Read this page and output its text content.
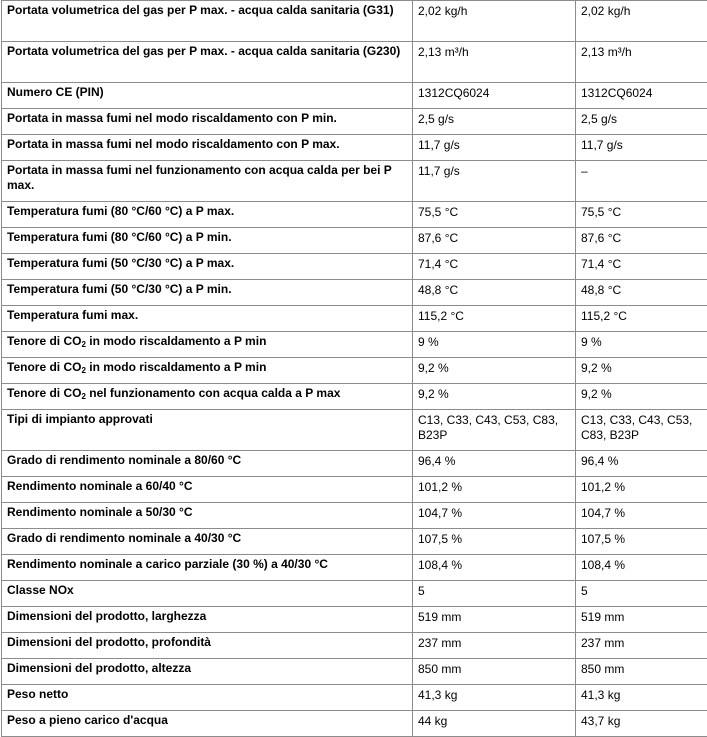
Portata volumetrica del gas per P max. - acqua calda sanitaria (G31)	2,02 kg/h	2,02 kg/h
Portata volumetrica del gas per P max. - acqua calda sanitaria (G230)	2,13 m³/h	2,13 m³/h
Numero CE (PIN)	1312CQ6024	1312CQ6024
Portata in massa fumi nel modo riscaldamento con P min.	2,5 g/s	2,5 g/s
Portata in massa fumi nel modo riscaldamento con P max.	11,7 g/s	11,7 g/s
Portata in massa fumi nel funzionamento con acqua calda per bei P max.	11,7 g/s	–
Temperatura fumi (80 °C/60 °C) a P max.	75,5 °C	75,5 °C
Temperatura fumi (80 °C/60 °C) a P min.	87,6 °C	87,6 °C
Temperatura fumi (50 °C/30 °C) a P max.	71,4 °C	71,4 °C
Temperatura fumi (50 °C/30 °C) a P min.	48,8 °C	48,8 °C
Temperatura fumi max.	115,2 °C	115,2 °C
Tenore di $CO_2$ in modo riscaldamento a P min	9 %	9 %
Tenore di $CO_2$ in modo riscaldamento a P min	9,2 %	9,2 %
Tenore di $CO_2$ nel funzionamento con acqua calda a P max	9,2 %	9,2 %
Tipi di impianto approvati	C13, C33, C43, C53, C83, B23P	C13, C33, C43, C53, C83, B23P
Grado di rendimento nominale a 80/60 °C	96,4 %	96,4 %
Rendimento nominale a 60/40 °C	101,2 %	101,2 %
Rendimento nominale a 50/30 °C	104,7 %	104,7 %
Grado di rendimento nominale a 40/30 °C	107,5 %	107,5 %
Rendimento nominale a carico parziale (30 %) a 40/30 °C	108,4 %	108,4 %
Classe NOx	5	5
Dimensioni del prodotto, larghezza	519 mm	519 mm
Dimensioni del prodotto, profondità	237 mm	237 mm
Dimensioni del prodotto, altezza	850 mm	850 mm
Peso netto	41,3 kg	41,3 kg
Peso a pieno carico d'acqua	44 kg	43,7 kg
